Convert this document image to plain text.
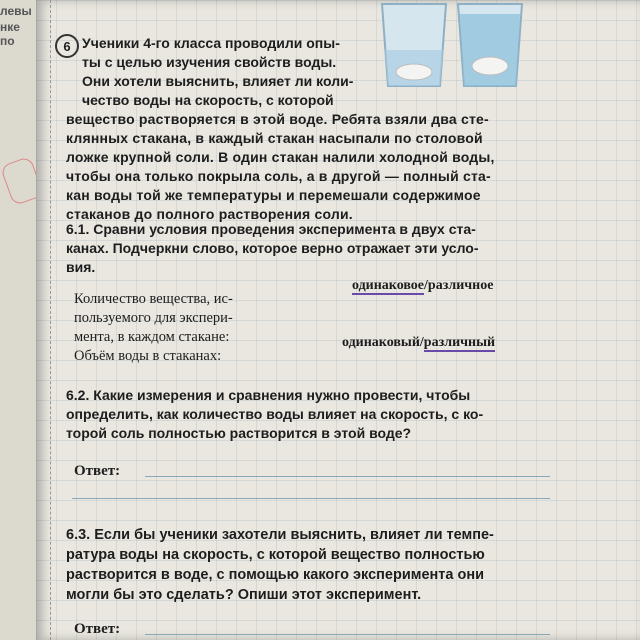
левы
нке по	6 Ученики 4-го класса проводили опы-
ты с целью изучения свойств воды.
Они хотели выяснить, влияет ли коли-
чество воды на скорость, с которой
вещество растворяется в этой воде. Ребята взяли два сте-
клянных стакана, в каждый стакан насыпали по столовой
ложке крупной соли. В один стакан налили холодной воды,
чтобы она только покрыла соль, а в другой — полный ста-
кан воды той же температуры и перемешали содержимое
стаканов до полного растворения соли.
6.1. Сравни условия проведения эксперимента в двух ста-
канах. Подчеркни слово, которое верно отражает эти усло-
вия.
Количество вещества, ис-
пользуемого для экспери-
мента, в каждом стакане:
одинаковое/различное
Объём воды в стаканах:
одинаковый/различный
6.2. Какие измерения и сравнения нужно провести, чтобы
определить, как количество воды влияет на скорость, с ко-
торой соль полностью растворится в этой воде?
Ответ:
6.3. Если бы ученики захотели выяснить, влияет ли темпе-
ратура воды на скорость, с которой вещество полностью
растворится в воде, с помощью какого эксперимента они
могли бы это сделать? Опиши этот эксперимент.
Ответ:
